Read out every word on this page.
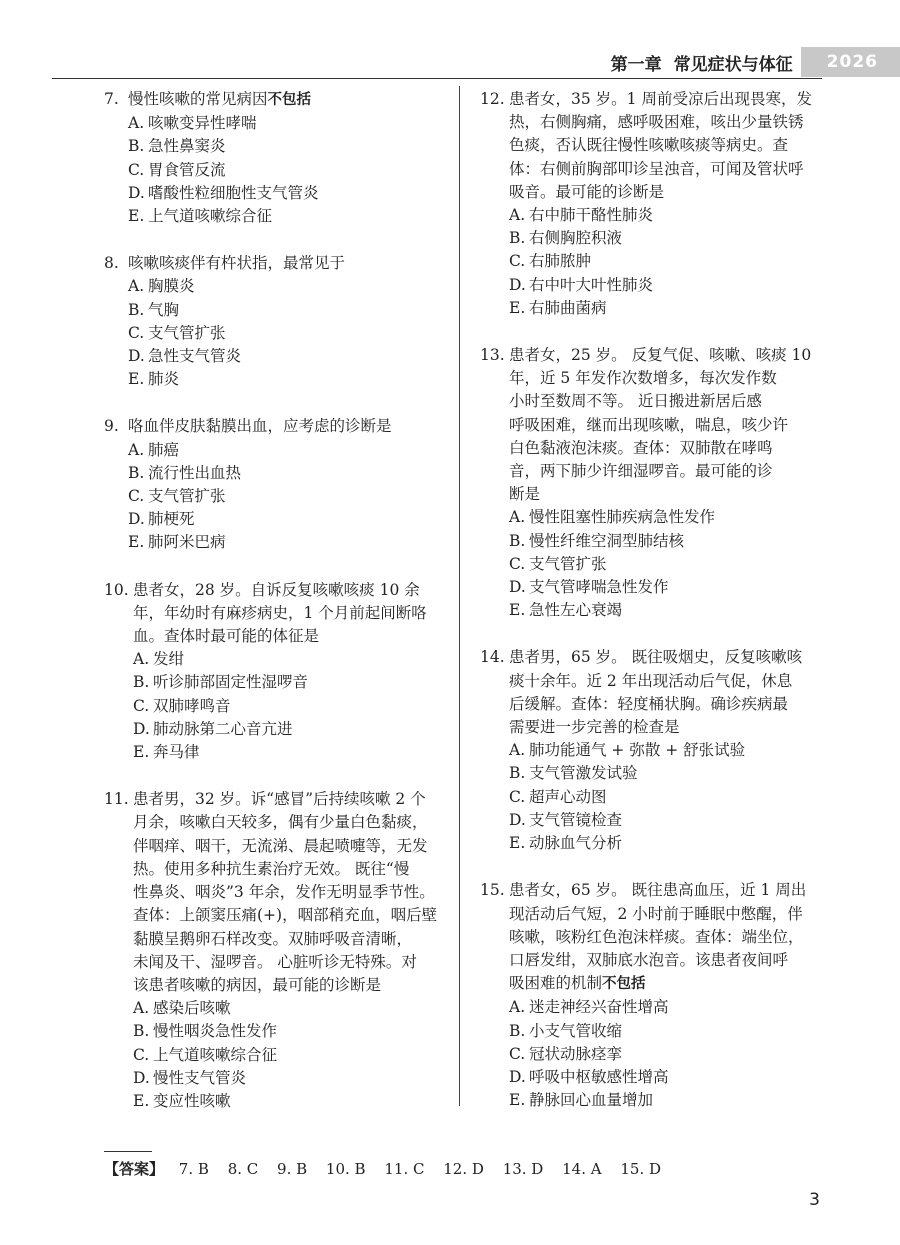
第一章 常见症状与体征	2026
7. 慢性咳嗽的常见病因不包括
A. 咳嗽变异性哮喘
B. 急性鼻窦炎
C. 胃食管反流
D. 嗜酸性粒细胞性支气管炎
E. 上气道咳嗽综合征
8. 咳嗽咳痰伴有杵状指，最常见于
A. 胸膜炎
B. 气胸
C. 支气管扩张
D. 急性支气管炎
E. 肺炎
9. 咯血伴皮肤黏膜出血，应考虑的诊断是
A. 肺癌
B. 流行性出血热
C. 支气管扩张
D. 肺梗死
E. 肺阿米巴病
10. 患者女，28 岁。自诉反复咳嗽咳痰 10 余
年，年幼时有麻疹病史，1 个月前起间断咯
血。查体时最可能的体征是
A. 发绀
B. 听诊肺部固定性湿啰音
C. 双肺哮鸣音
D. 肺动脉第二心音亢进
E. 奔马律
11. 患者男，32 岁。诉“感冒”后持续咳嗽 2 个
月余，咳嗽白天较多，偶有少量白色黏痰，
伴咽痒、咽干，无流涕、晨起喷嚏等，无发
热。使用多种抗生素治疗无效。 既往“慢
性鼻炎、咽炎”3 年余，发作无明显季节性。
查体：上颌窦压痛(+)，咽部稍充血，咽后壁
黏膜呈鹅卵石样改变。双肺呼吸音清晰，
未闻及干、湿啰音。 心脏听诊无特殊。对
该患者咳嗽的病因，最可能的诊断是
A. 感染后咳嗽
B. 慢性咽炎急性发作
C. 上气道咳嗽综合征
D. 慢性支气管炎
E. 变应性咳嗽
12. 患者女，35 岁。1 周前受凉后出现畏寒，发
热，右侧胸痛，感呼吸困难，咳出少量铁锈
色痰，否认既往慢性咳嗽咳痰等病史。查
体：右侧前胸部叩诊呈浊音，可闻及管状呼
吸音。最可能的诊断是
A. 右中肺干酪性肺炎
B. 右侧胸腔积液
C. 右肺脓肿
D. 右中叶大叶性肺炎
E. 右肺曲菌病
13. 患者女，25 岁。 反复气促、咳嗽、咳痰 10
年，近 5 年发作次数增多，每次发作数
小时至数周不等。 近日搬进新居后感
呼吸困难，继而出现咳嗽，喘息，咳少许
白色黏液泡沫痰。查体：双肺散在哮鸣
音，两下肺少许细湿啰音。最可能的诊
断是
A. 慢性阻塞性肺疾病急性发作
B. 慢性纤维空洞型肺结核
C. 支气管扩张
D. 支气管哮喘急性发作
E. 急性左心衰竭
14. 患者男，65 岁。 既往吸烟史，反复咳嗽咳
痰十余年。近 2 年出现活动后气促，休息
后缓解。查体：轻度桶状胸。确诊疾病最
需要进一步完善的检查是
A. 肺功能通气 + 弥散 + 舒张试验
B. 支气管激发试验
C. 超声心动图
D. 支气管镜检查
E. 动脉血气分析
15. 患者女，65 岁。 既往患高血压，近 1 周出
现活动后气短，2 小时前于睡眠中憋醒，伴
咳嗽，咳粉红色泡沫样痰。查体：端坐位，
口唇发绀，双肺底水泡音。该患者夜间呼
吸困难的机制不包括
A. 迷走神经兴奋性增高
B. 小支气管收缩
C. 冠状动脉痉挛
D. 呼吸中枢敏感性增高
E. 静脉回心血量增加
【答案】 7. B 8. C 9. B 10. B 11. C 12. D 13. D 14. A 15. D
3
